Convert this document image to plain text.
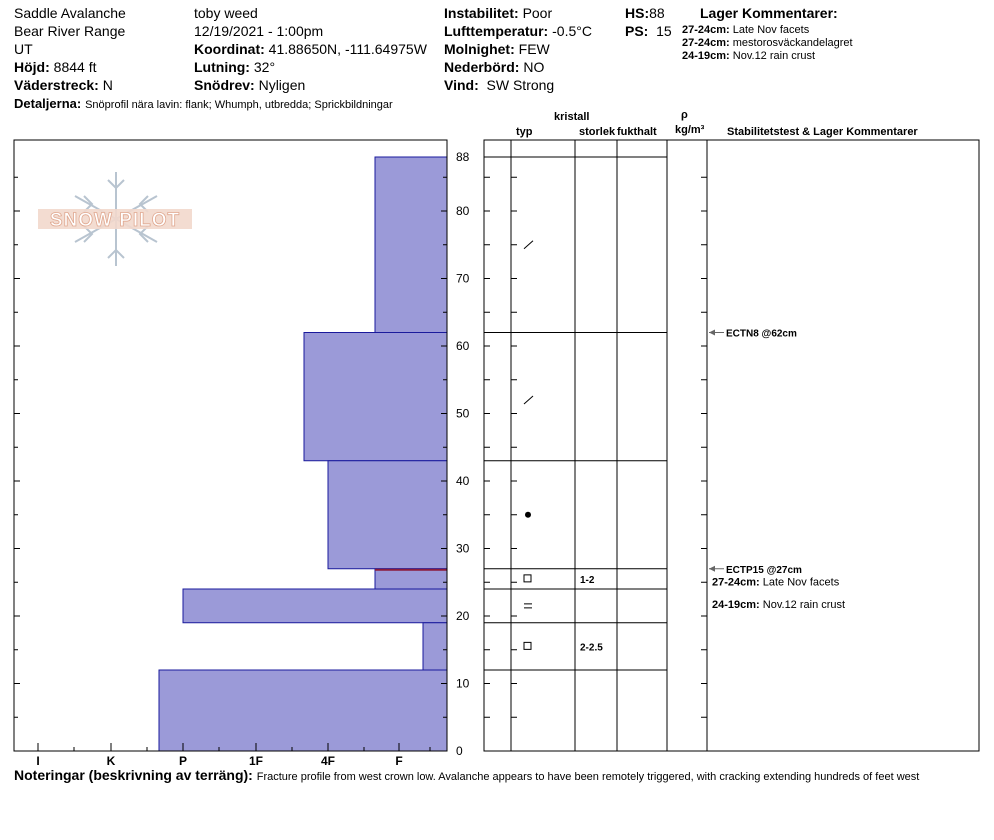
Saddle Avalanche
Bear River Range
UT
Höjd: 8844 ft
Väderstreck: N
toby weed
12/19/2021 - 1:00pm
Koordinat: 41.88650N, -111.64975W
Lutning: 32°
Snödrev: Nyligen
Instabilitet: Poor
Lufttemperatur: -0.5°C
Molnighet: FEW
Nederbörd: NO
Vind: SW Strong
HS:88
PS: 15
Lager Kommentarer:
27-24cm: Late Nov facets
27-24cm: mestorosväckandelagret
24-19cm: Nov.12 rain crust
Detaljerna: Snöprofil nära lavin: flank; Whumph, utbredda; Sprickbildningar
kristall
typ	storlek fukthalt
ρ
kg/m³ Stabilitetstest & Lager Kommentarer
SNOW PILOT
0
10
20
30
40
50
60
70
80
88
I	K	P	1F	4F	F
1-2
2-2.5
ECTN8 @62cm
ECTP15 @27cm
27-24cm: Late Nov facets
24-19cm: Nov.12 rain crust
Noteringar (beskrivning av terräng): Fracture profile from west crown low. Avalanche appears to have been remotely triggered, with cracking extending hundreds of feet west
